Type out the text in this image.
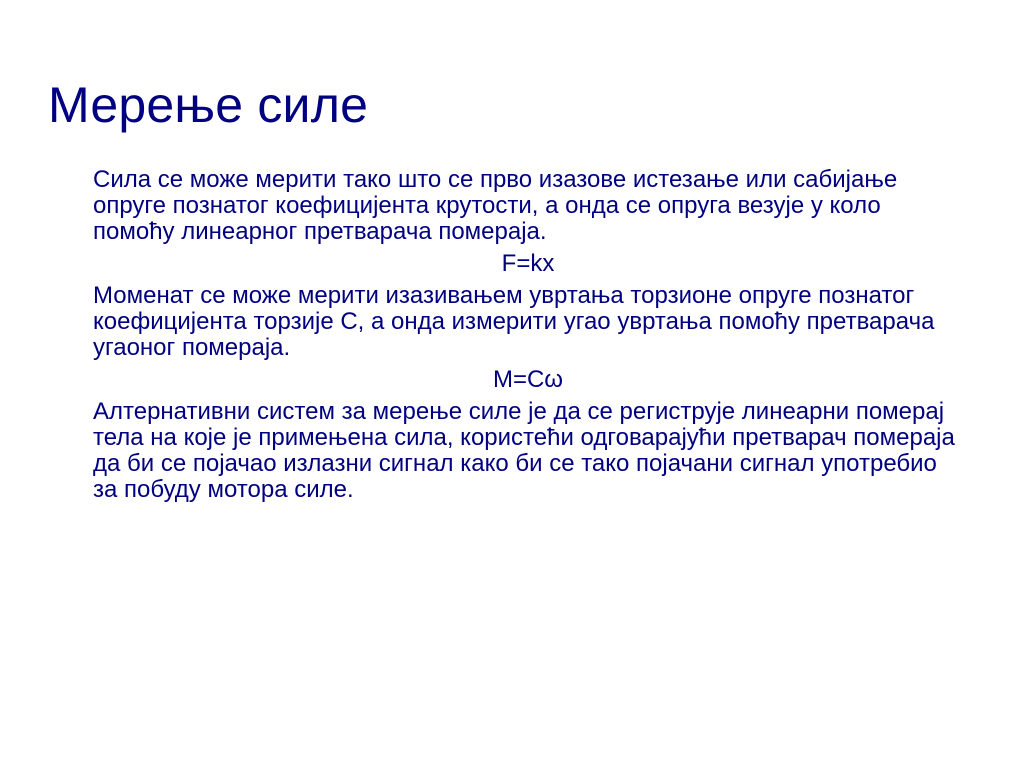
Мерење силе

Сила се може мерити тако што се прво изазове истезање или сабијање опруге познатог коефицијента крутости, а онда се опруга везује у коло помоћу линеарног претварача померајa.

F=kx

Моменат се може мерити изазивањем увртања торзионе опруге познатог коефицијента торзије С, а онда измерити угао увртања помоћу претварача угаоног померајa.

M=Cω

Алтернативни систем за мерење силе је да се региструје линеарни помераj тела на које је примењена сила, користећи одговарајући претварач померајa да би се појачао излазни сигнал како би се тако појачани сигнал употребио за побуду мотора силе.
